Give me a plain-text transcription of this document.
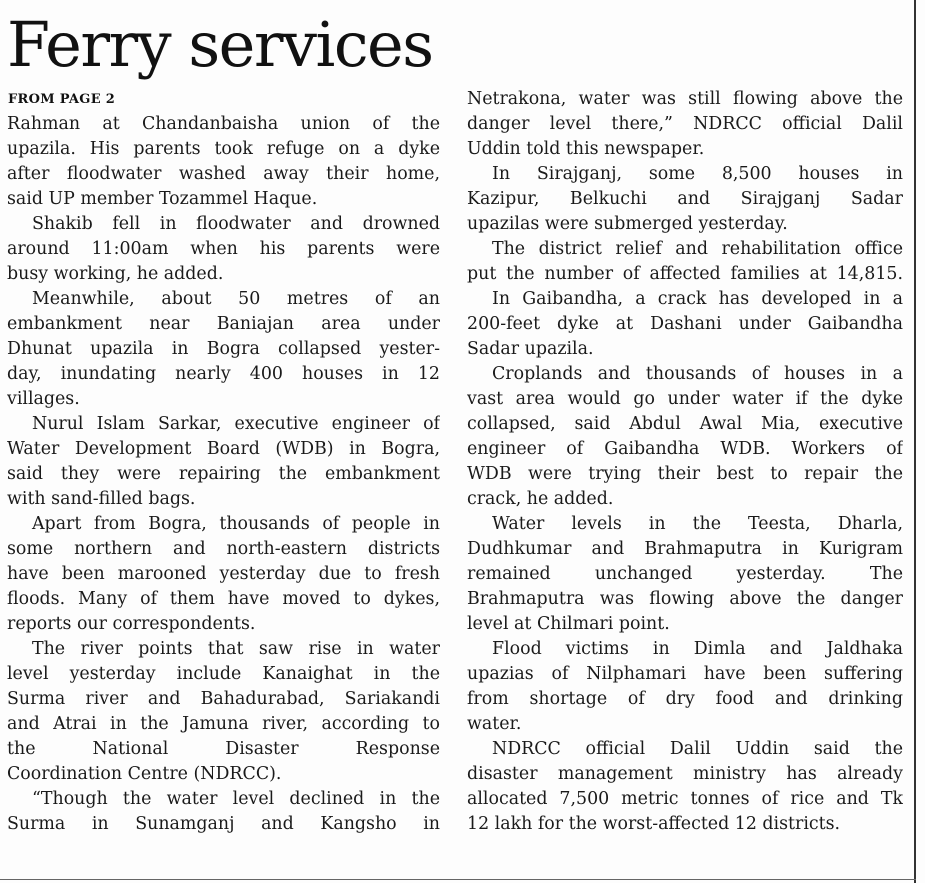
Ferry services
FROM PAGE 2
Rahman at Chandanbaisha union of the
upazila. His parents took refuge on a dyke
after floodwater washed away their home,
said UP member Tozammel Haque.
Shakib fell in floodwater and drowned
around 11:00am when his parents were
busy working, he added.
Meanwhile, about 50 metres of an
embankment near Baniajan area under
Dhunat upazila in Bogra collapsed yester-
day, inundating nearly 400 houses in 12
villages.
Nurul Islam Sarkar, executive engineer of
Water Development Board (WDB) in Bogra,
said they were repairing the embankment
with sand-filled bags.
Apart from Bogra, thousands of people in
some northern and north-eastern districts
have been marooned yesterday due to fresh
floods. Many of them have moved to dykes,
reports our correspondents.
The river points that saw rise in water
level yesterday include Kanaighat in the
Surma river and Bahadurabad, Sariakandi
and Atrai in the Jamuna river, according to
the National Disaster Response
Coordination Centre (NDRCC).
“Though the water level declined in the
Surma in Sunamganj and Kangsho in
Netrakona, water was still flowing above the
danger level there,” NDRCC official Dalil
Uddin told this newspaper.
In Sirajganj, some 8,500 houses in
Kazipur, Belkuchi and Sirajganj Sadar
upazilas were submerged yesterday.
The district relief and rehabilitation office
put the number of affected families at 14,815.
In Gaibandha, a crack has developed in a
200-feet dyke at Dashani under Gaibandha
Sadar upazila.
Croplands and thousands of houses in a
vast area would go under water if the dyke
collapsed, said Abdul Awal Mia, executive
engineer of Gaibandha WDB. Workers of
WDB were trying their best to repair the
crack, he added.
Water levels in the Teesta, Dharla,
Dudhkumar and Brahmaputra in Kurigram
remained unchanged yesterday. The
Brahmaputra was flowing above the danger
level at Chilmari point.
Flood victims in Dimla and Jaldhaka
upazias of Nilphamari have been suffering
from shortage of dry food and drinking
water.
NDRCC official Dalil Uddin said the
disaster management ministry has already
allocated 7,500 metric tonnes of rice and Tk
12 lakh for the worst-affected 12 districts.
